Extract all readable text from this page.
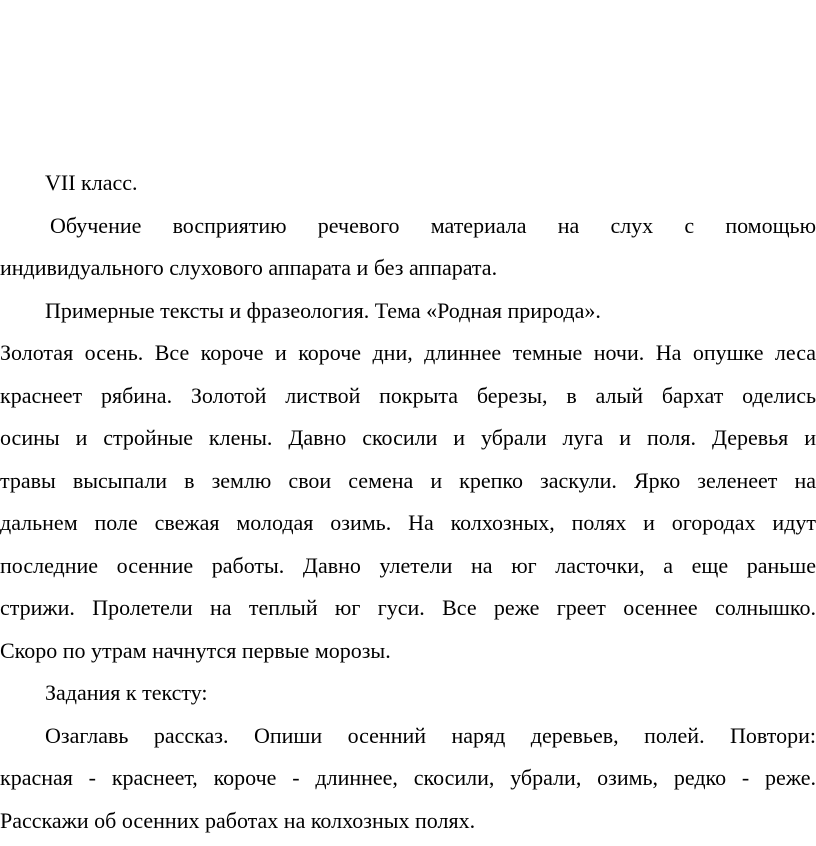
VII класс.
Обучение восприятию речевого материала на слух с помощью
индивидуального слухового аппарата и без аппарата.
Примерные тексты и фразеология. Тема «Родная природа».
Золотая осень. Все короче и короче дни, длиннее темные ночи. На опушке леса
краснеет рябина. Золотой листвой покрыта березы, в алый бархат оделись
осины и стройные клены. Давно скосили и убрали луга и поля. Деревья и
травы высыпали в землю свои семена и крепко заскули. Ярко зеленеет на
дальнем поле свежая молодая озимь. На колхозных, полях и огородах идут
последние осенние работы. Давно улетели на юг ласточки, а еще раньше
стрижи. Пролетели на теплый юг гуси. Все реже греет осеннее солнышко.
Скоро по утрам начнутся первые морозы.
Задания к тексту:
Озаглавь рассказ. Опиши осенний наряд деревьев, полей. Повтори:
красная - краснеет, короче - длиннее, скосили, убрали, озимь, редко - реже.
Расскажи об осенних работах на колхозных полях.
